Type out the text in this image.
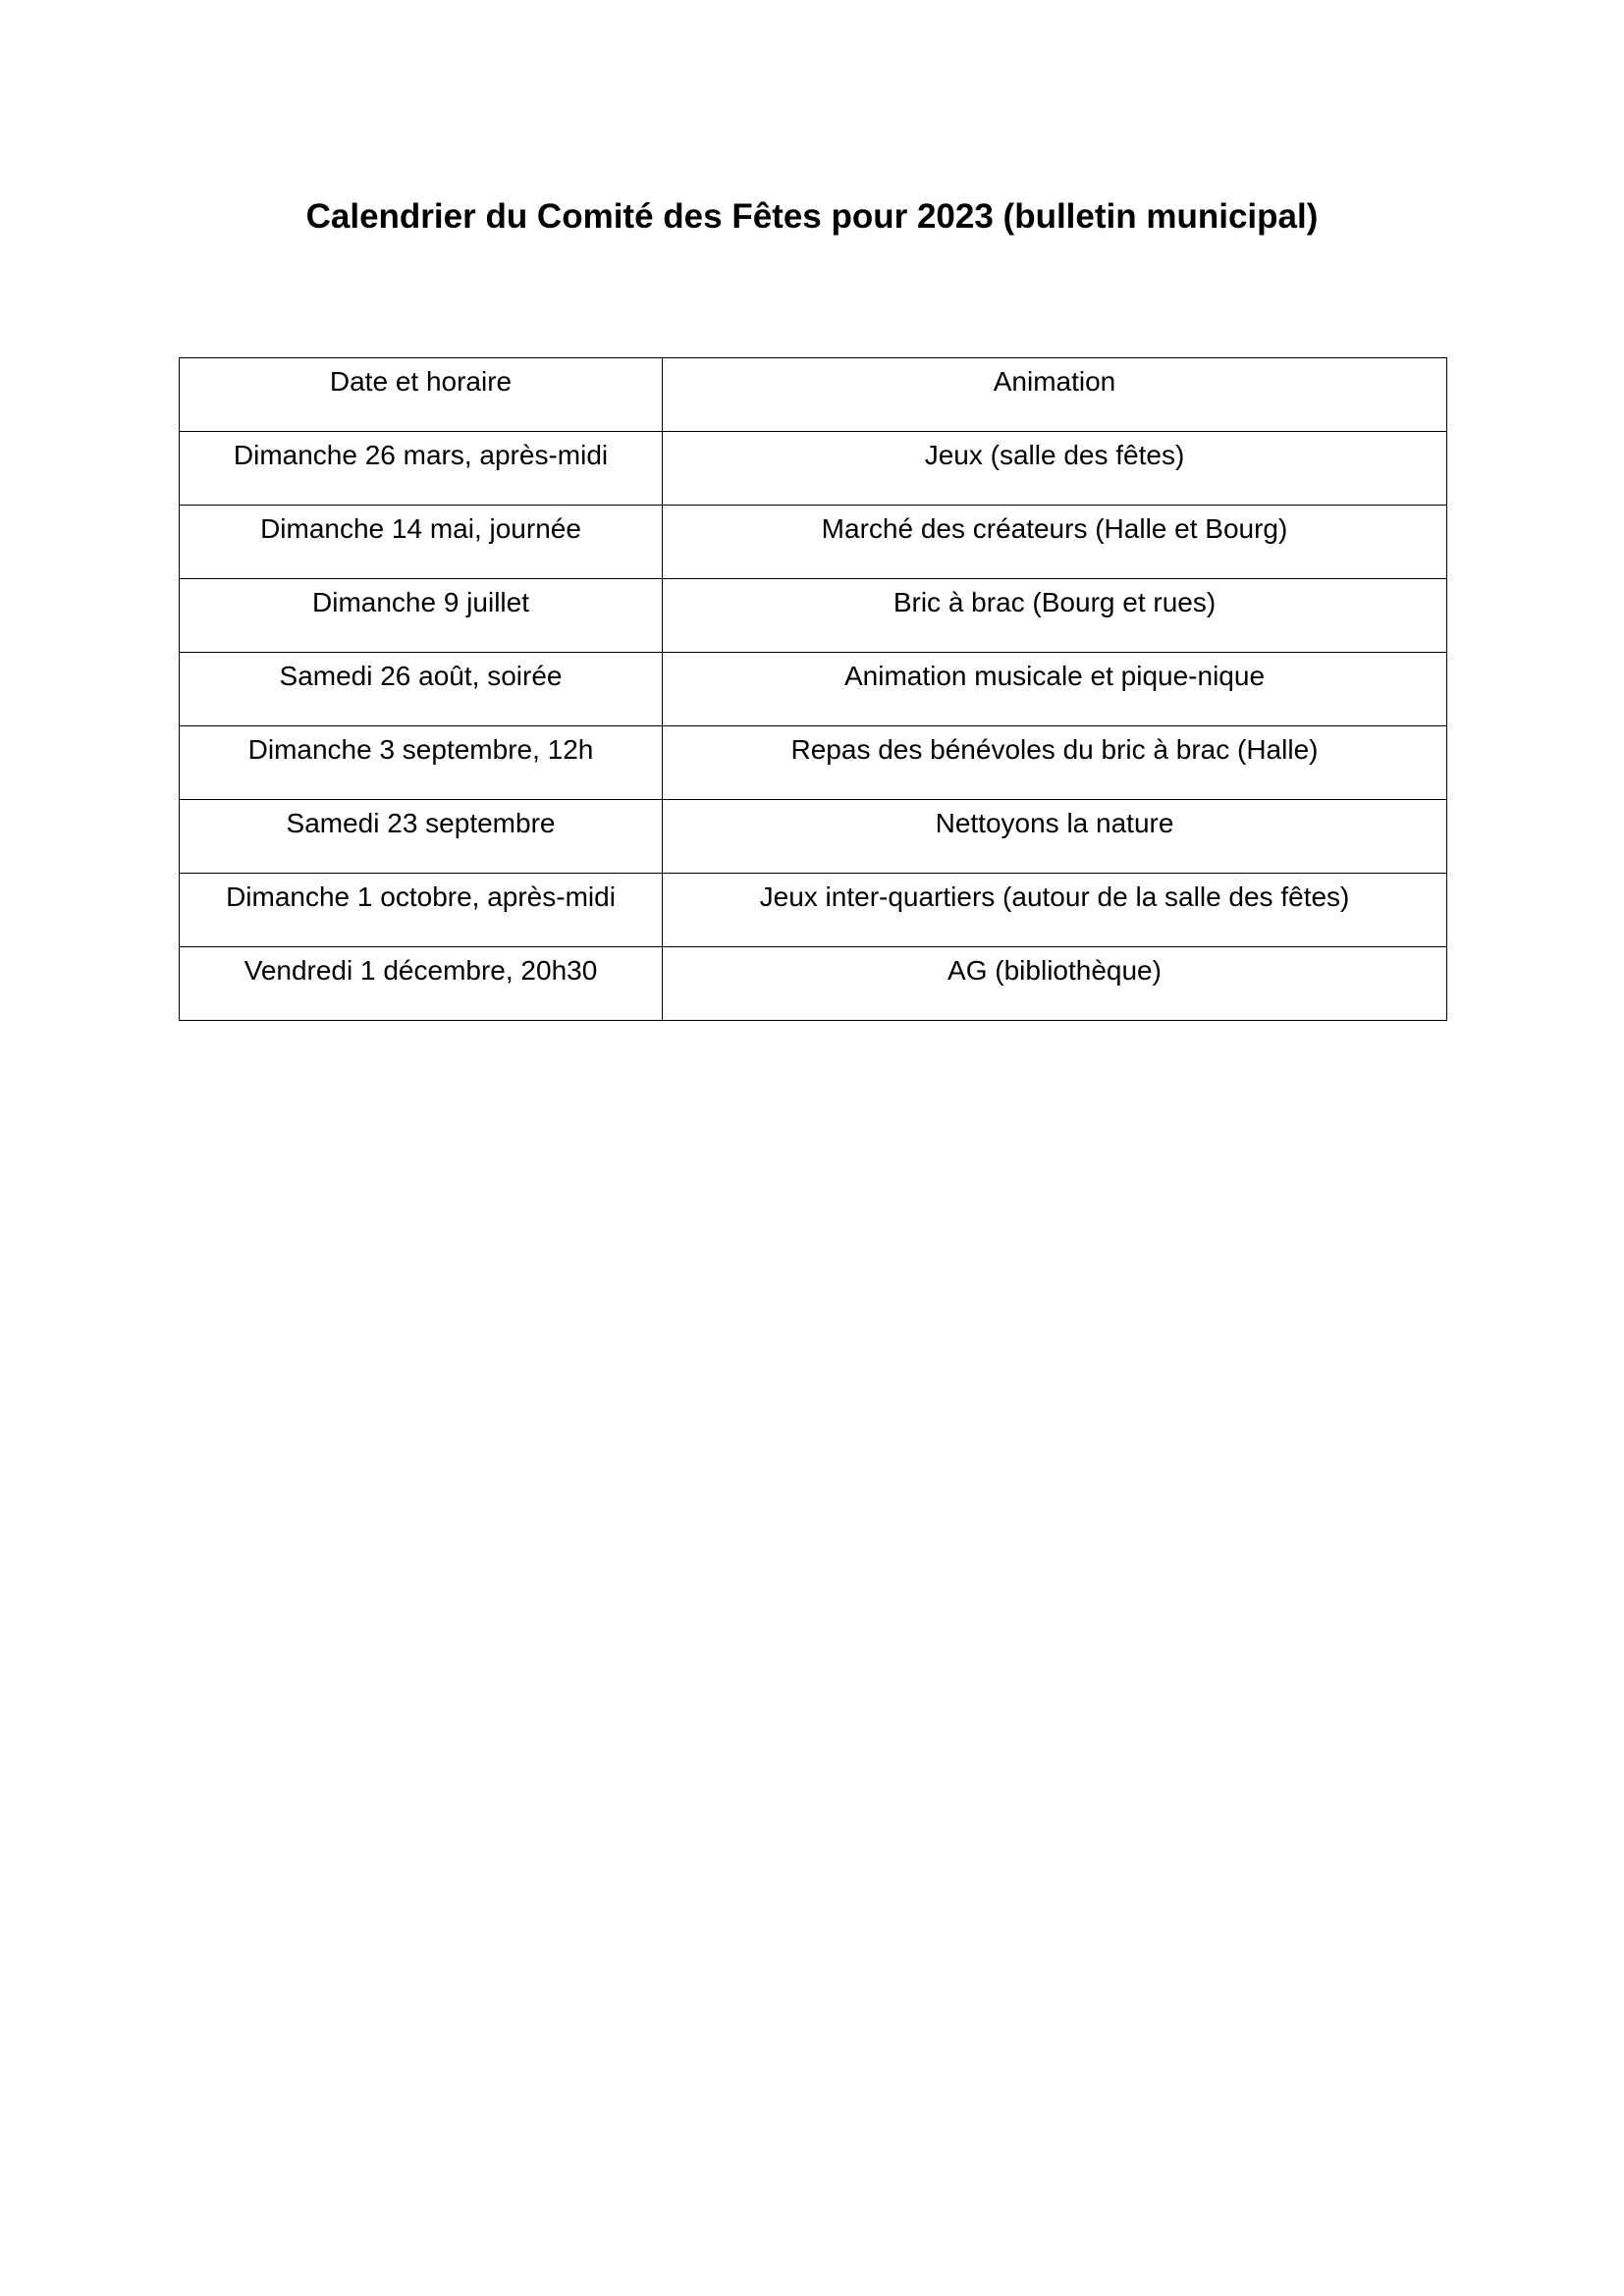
Calendrier du Comité des Fêtes pour 2023 (bulletin municipal)
Date et horaire	Animation
Dimanche 26 mars, après-midi	Jeux (salle des fêtes)
Dimanche 14 mai, journée	Marché des créateurs (Halle et Bourg)
Dimanche 9 juillet	Bric à brac (Bourg et rues)
Samedi 26 août, soirée	Animation musicale et pique-nique
Dimanche 3 septembre, 12h	Repas des bénévoles du bric à brac (Halle)
Samedi 23 septembre	Nettoyons la nature
Dimanche 1 octobre, après-midi	Jeux inter-quartiers (autour de la salle des fêtes)
Vendredi 1 décembre, 20h30	AG (bibliothèque)
